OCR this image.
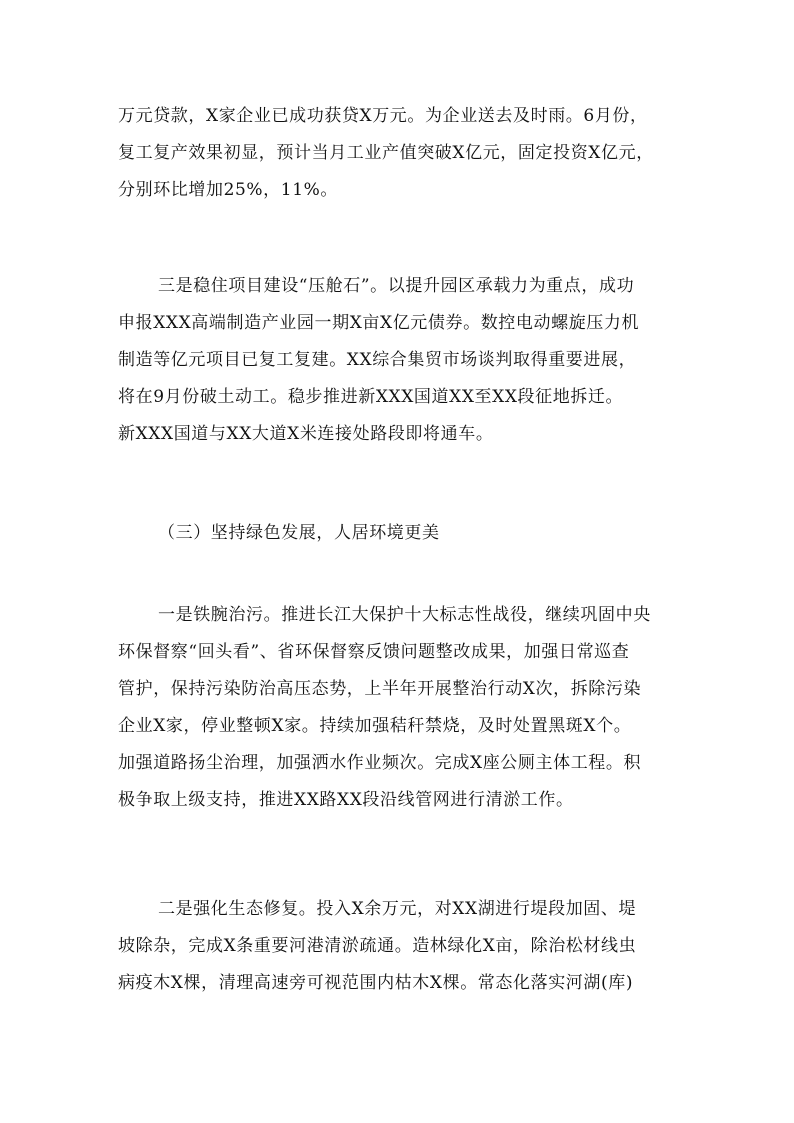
万元贷款，X家企业已成功获贷X万元。为企业送去及时雨。6月份，
复工复产效果初显，预计当月工业产值突破X亿元，固定投资X亿元，
分别环比增加25%，11%。
三是稳住项目建设“压舱石”。以提升园区承载力为重点，成功
申报XXX高端制造产业园一期X亩X亿元债券。数控电动螺旋压力机
制造等亿元项目已复工复建。XX综合集贸市场谈判取得重要进展，
将在9月份破土动工。稳步推进新XXX国道XX至XX段征地拆迁。
新XXX国道与XX大道X米连接处路段即将通车。
（三）坚持绿色发展，人居环境更美
一是铁腕治污。推进长江大保护十大标志性战役，继续巩固中央
环保督察“回头看”、省环保督察反馈问题整改成果，加强日常巡查
管护，保持污染防治高压态势，上半年开展整治行动X次，拆除污染
企业X家，停业整顿X家。持续加强秸秆禁烧，及时处置黑斑X个。
加强道路扬尘治理，加强洒水作业频次。完成X座公厕主体工程。积
极争取上级支持，推进XX路XX段沿线管网进行清淤工作。
二是强化生态修复。投入X余万元，对XX湖进行堤段加固、堤
坡除杂，完成X条重要河港清淤疏通。造林绿化X亩，除治松材线虫
病疫木X棵，清理高速旁可视范围内枯木X棵。常态化落实河湖(库)
